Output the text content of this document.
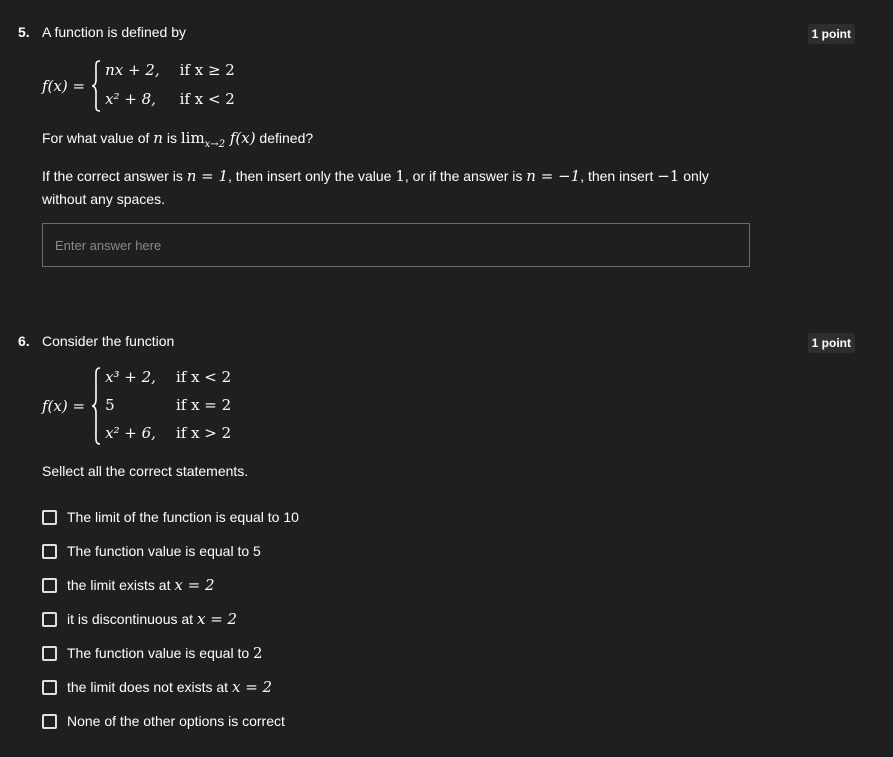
5. A function is defined by	1 point
f(x) =
nx + 2, if x ≥ 2
x² + 8, if x < 2
For what value of n is $\lim_{x\to 2} f(x)$ defined?
If the correct answer is n = 1, then insert only the value 1, or if the answer is n = −1, then insert −1 only without any spaces.
Enter answer here
6. Consider the function	1 point
f(x) =
x³ + 2, if x < 2
5	if x = 2
x² + 6, if x > 2
Sellect all the correct statements.
The limit of the function is equal to 10
The function value is equal to 5
the limit exists at x = 2
it is discontinuous at x = 2
The function value is equal to 2
the limit does not exists at x = 2
None of the other options is correct
